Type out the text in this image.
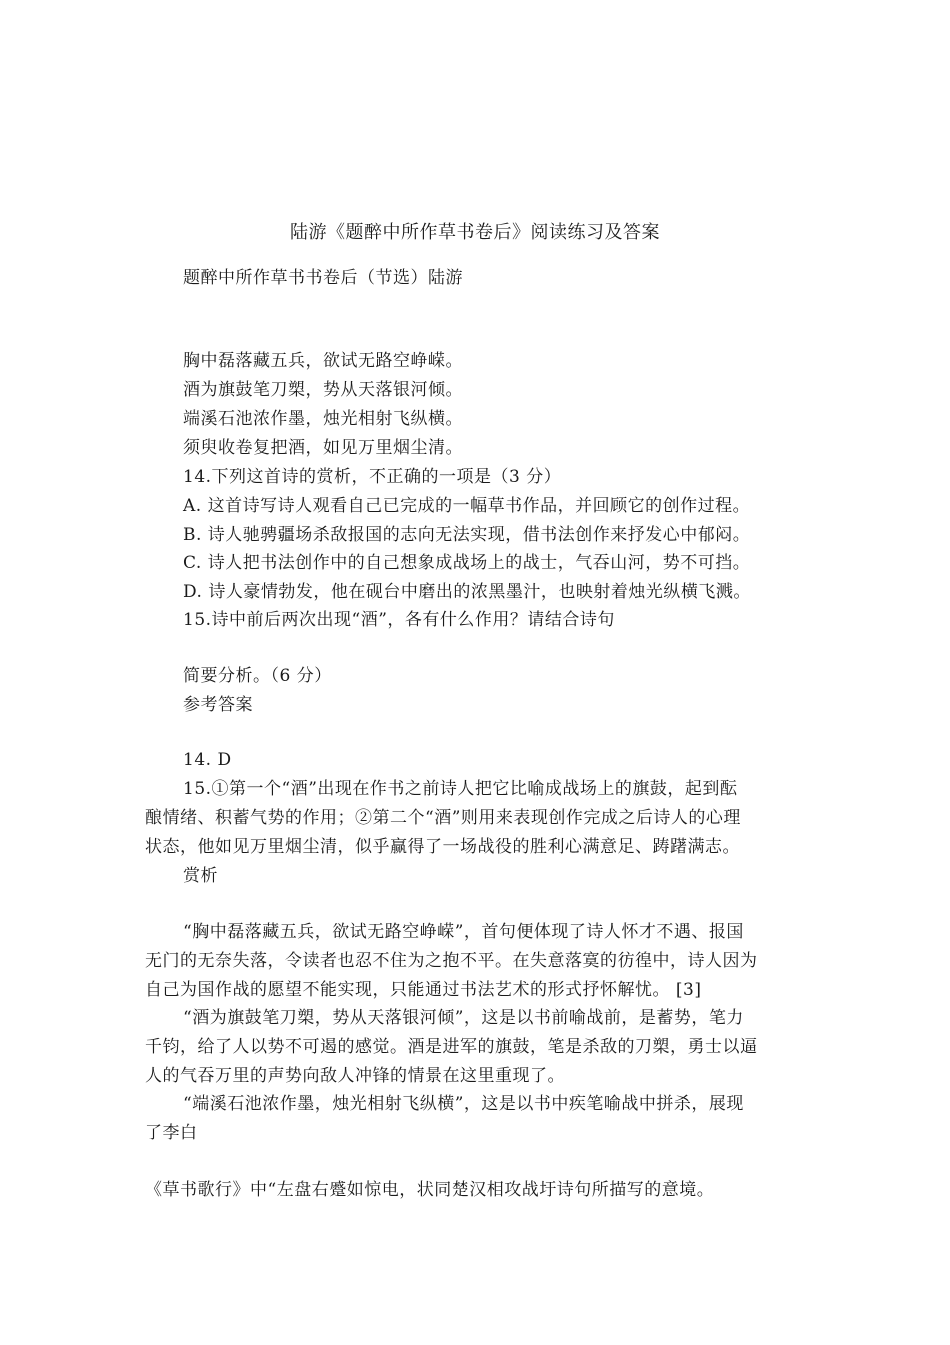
陆游《题醉中所作草书卷后》阅读练习及答案
题醉中所作草书书卷后（节选）陆游
胸中磊落藏五兵，欲试无路空峥嵘。
酒为旗鼓笔刀槊，势从天落银河倾。
端溪石池浓作墨，烛光相射飞纵横。
须臾收卷复把酒，如见万里烟尘清。
14.下列这首诗的赏析，不正确的一项是（3 分）
A. 这首诗写诗人观看自己已完成的一幅草书作品，并回顾它的创作过程。
B. 诗人驰骋疆场杀敌报国的志向无法实现，借书法创作来抒发心中郁闷。
C. 诗人把书法创作中的自己想象成战场上的战士，气吞山河，势不可挡。
D. 诗人豪情勃发，他在砚台中磨出的浓黑墨汁，也映射着烛光纵横飞溅。
15.诗中前后两次出现“酒”，各有什么作用？请结合诗句
简要分析。（6 分）
参考答案
14. D
15.①第一个“酒”出现在作书之前诗人把它比喻成战场上的旗鼓，起到酝
酿情绪、积蓄气势的作用；②第二个“酒”则用来表现创作完成之后诗人的心理
状态，他如见万里烟尘清，似乎赢得了一场战役的胜利心满意足、踌躇满志。
赏析
“胸中磊落藏五兵，欲试无路空峥嵘”，首句便体现了诗人怀才不遇、报国
无门的无奈失落，令读者也忍不住为之抱不平。在失意落寞的彷徨中，诗人因为
自己为国作战的愿望不能实现，只能通过书法艺术的形式抒怀解忧。 [3]
“酒为旗鼓笔刀槊，势从天落银河倾”，这是以书前喻战前，是蓄势，笔力
千钧，给了人以势不可遏的感觉。酒是进军的旗鼓，笔是杀敌的刀槊，勇士以逼
人的气吞万里的声势向敌人冲锋的情景在这里重现了。
“端溪石池浓作墨，烛光相射飞纵横”，这是以书中疾笔喻战中拼杀，展现
了李白
《草书歌行》中“左盘右蹙如惊电，状同楚汉相攻战圩诗句所描写的意境。
